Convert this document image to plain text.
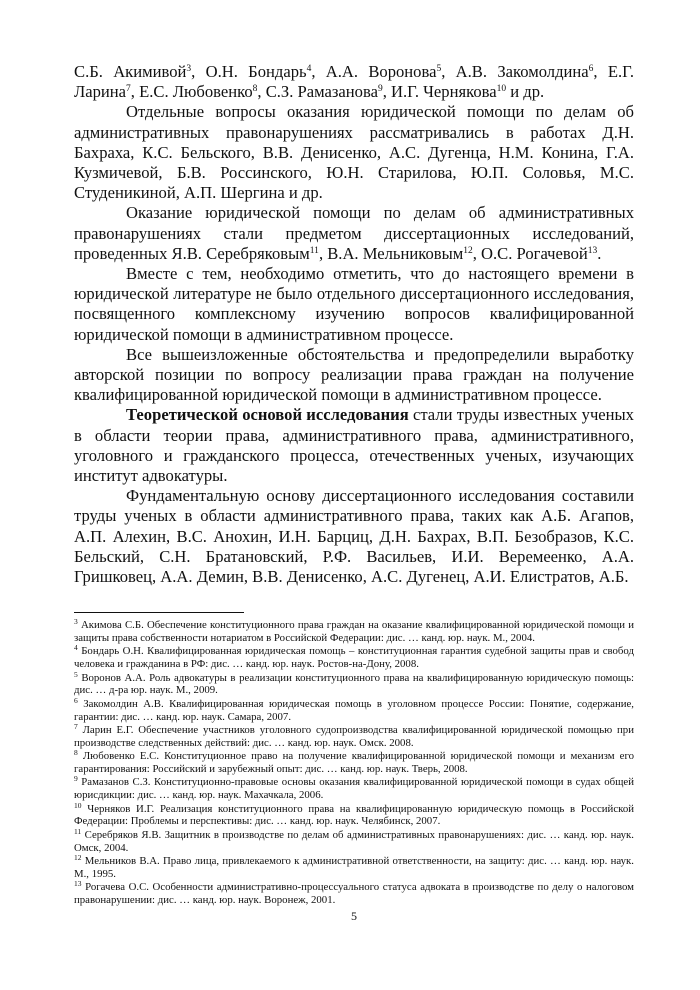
С.Б. Акимивой$^3$, О.Н. Бондарь$^4$, А.А. Воронова$^5$, А.В. Закомолдина$^6$, Е.Г. Ларина$^7$, Е.С. Любовенко$^8$, С.З. Рамазанова$^9$, И.Г. Чернякова$^{10}$ и др.

Отдельные вопросы оказания юридической помощи по делам об административных правонарушениях рассматривались в работах Д.Н. Бахраха, К.С. Бельского, В.В. Денисенко, А.С. Дугенца, Н.М. Конина, Г.А. Кузмичевой, Б.В. Россинского, Ю.Н. Старилова, Ю.П. Соловья, М.С. Студеникиной, А.П. Шергина и др.

Оказание юридической помощи по делам об административных правонарушениях стали предметом диссертационных исследований, проведенных Я.В. Серебряковым$^{11}$, В.А. Мельниковым$^{12}$, О.С. Рогачевой$^{13}$.

Вместе с тем, необходимо отметить, что до настоящего времени в юридической литературе не было отдельного диссертационного исследования, посвященного комплексному изучению вопросов квалифицированной юридической помощи в административном процессе.

Все вышеизложенные обстоятельства и предопределили выработку авторской позиции по вопросу реализации права граждан на получение квалифицированной юридической помощи в административном процессе.

Теоретической основой исследования стали труды известных ученых в области теории права, административного права, административного, уголовного и гражданского процесса, отечественных ученых, изучающих институт адвокатуры.

Фундаментальную основу диссертационного исследования составили труды ученых в области административного права, таких как А.Б. Агапов, А.П. Алехин, В.С. Анохин, И.Н. Барциц, Д.Н. Бахрах, В.П. Безобразов, К.С. Бельский, С.Н. Братановский, Р.Ф. Васильев, И.И. Веремеенко, А.А. Гришковец, А.А. Демин, В.В. Денисенко, А.С. Дугенец, А.И. Елистратов, А.Б.

$^3$ Акимова С.Б. Обеспечение конституционного права граждан на оказание квалифицированной юридической помощи и защиты права собственности нотариатом в Российской Федерации: дис. … канд. юр. наук. М., 2004.

$^4$ Бондарь О.Н. Квалифицированная юридическая помощь – конституционная гарантия судебной защиты прав и свобод человека и гражданина в РФ: дис. … канд. юр. наук. Ростов-на-Дону, 2008.

$^5$ Воронов А.А. Роль адвокатуры в реализации конституционного права на квалифицированную юридическую помощь: дис. … д-ра юр. наук. М., 2009.

$^6$ Закомолдин А.В. Квалифицированная юридическая помощь в уголовном процессе России: Понятие, содержание, гарантии: дис. … канд. юр. наук. Самара, 2007.

$^7$ Ларин Е.Г. Обеспечение участников уголовного судопроизводства квалифицированной юридической помощью при производстве следственных действий: дис. … канд. юр. наук. Омск. 2008.

$^8$ Любовенко Е.С. Конституционное право на получение квалифицированной юридической помощи и механизм его гарантирования: Российский и зарубежный опыт: дис. … канд. юр. наук. Тверь, 2008.

$^9$ Рамазанов С.З. Конституционно-правовые основы оказания квалифицированной юридической помощи в судах общей юрисдикции: дис. … канд. юр. наук. Махачкала, 2006.

$^{10}$ Черняков И.Г. Реализация конституционного права на квалифицированную юридическую помощь в Российской Федерации: Проблемы и перспективы: дис. … канд. юр. наук. Челябинск, 2007.

$^{11}$ Серебряков Я.В. Защитник в производстве по делам об административных правонарушениях: дис. … канд. юр. наук. Омск, 2004.

$^{12}$ Мельников В.А. Право лица, привлекаемого к административной ответственности, на защиту: дис. … канд. юр. наук. М., 1995.

$^{13}$ Рогачева О.С. Особенности административно-процессуального статуса адвоката в производстве по делу о налоговом правонарушении: дис. … канд. юр. наук. Воронеж, 2001.

5
